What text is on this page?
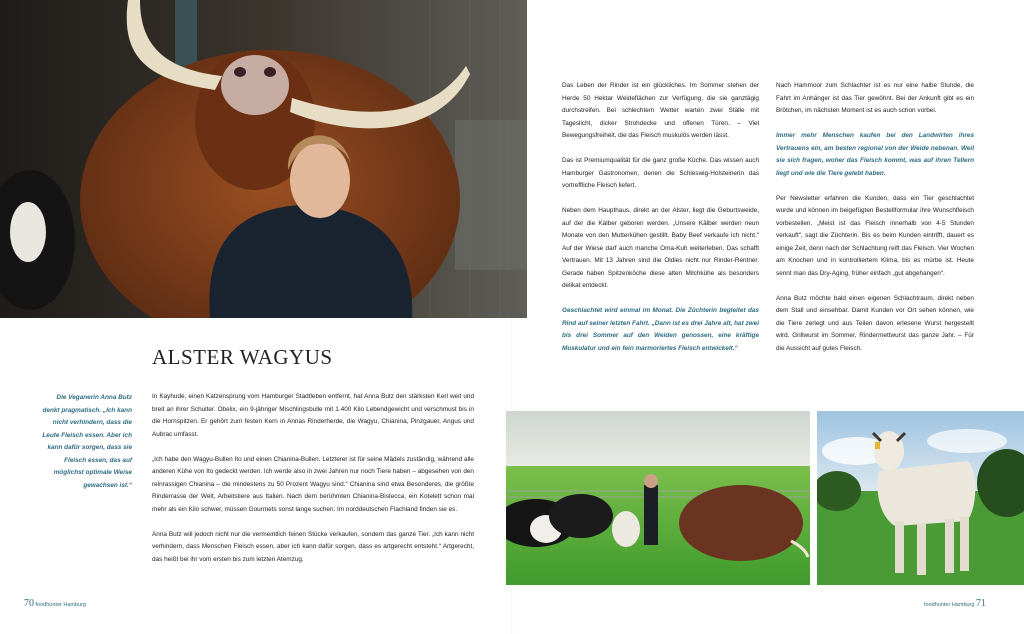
ALSTER WAGYUS
Die Veganerin Anna Butz denkt pragmatisch. „Ich kann nicht verhindern, dass die Leute Fleisch essen. Aber ich kann dafür sorgen, dass sie Fleisch essen, das auf möglichst optimale Weise gewachsen ist.“

In Kayhude, einen Katzensprung vom Hamburger Stadtleben entfernt, hat Anna Butz den stärksten Kerl weit und breit an ihrer Schulter. Obelix, ein 9-jähriger Mischlingsbulle mit 1.400 Kilo Lebendgewicht und verschmust bis in die Hornspitzen. Er gehört zum festen Kern in Annas Rinderherde, die Wagyu, Chianina, Pinzgauer, Angus und Aubrac umfasst.

„Ich habe den Wagyu-Bullen Ito und einen Chianina-Bullen. Letzterer ist für seine Mädels zuständig, während alle anderen Kühe von Ito gedeckt werden. Ich werde also in zwei Jahren nur noch Tiere haben – abgesehen von den reinrassigen Chianina – die mindestens zu 50 Prozent Wagyu sind.“ Chianina sind etwa Besonderes, die größte Rinderrasse der Welt, Arbeitstiere aus Italien. Nach dem berühmten Chianina-Bistecca, ein Kotelett schon mal mehr als ein Kilo schwer, müssen Gourmets sonst lange suchen. Im norddeutschen Flachland finden sie es.

Anna Butz will jedoch nicht nur die vermeintlich feinen Stücke verkaufen, sondern das ganze Tier. „Ich kann nicht verhindern, dass Menschen Fleisch essen, aber ich kann dafür sorgen, dass es artgerecht entsteht.“ Artgerecht, das heißt bei ihr vom ersten bis zum letzten Atemzug.

Das Leben der Rinder ist ein glückliches. Im Sommer stehen der Herde 50 Hektar Weideflächen zur Verfügung, die sie ganztägig durchstreifen. Bei schlechtem Wetter warten zwei Ställe mit Tageslicht, dicker Strohdecke und offenen Türen. – Viel Bewegungsfreiheit, die das Fleisch muskulös werden lässt.

Das ist Premiumqualität für die ganz große Küche. Das wissen auch Hamburger Gastronomen, denen die Schleswig-Holsteinerin das vortreffliche Fleisch liefert.

Neben dem Haupthaus, direkt an der Alster, liegt die Geburtsweide, auf der die Kälber geboren werden. „Unsere Kälber werden neun Monate von den Mutterkühen gestillt. Baby Beef verkaufe ich nicht.“ Auf der Wiese darf auch manche Oma-Kuh weiterleben. Das schafft Vertrauen. Mit 13 Jahren sind die Oldies nicht nur Rinder-Rentner. Gerade haben Spitzenköche diese alten Milchkühe als besonders delikat entdeckt.

Geschlachtet wird einmal im Monat. Die Züchterin begleitet das Rind auf seiner letzten Fahrt. „Dann ist es drei Jahre alt, hat zwei bis drei Sommer auf den Weiden genossen, eine kräftige Muskulatur und ein fein marmoriertes Fleisch entwickelt.“

Nach Hammoor zum Schlachter ist es nur eine halbe Stunde, die Fahrt im Anhänger ist das Tier gewöhnt. Bei der Ankunft gibt es ein Brötchen, im nächsten Moment ist es auch schon vorbei.

Immer mehr Menschen kaufen bei den Landwirten ihres Vertrauens ein, am besten regional von der Weide nebenan. Weil sie sich fragen, woher das Fleisch kommt, was auf ihren Tellern liegt und wie die Tiere gelebt haben.

Per Newsletter erfahren die Kunden, dass ein Tier geschlachtet wurde und können im beigefügten Bestellformular ihre Wunschfleisch vorbestellen. „Meist ist das Fleisch innerhalb von 4-5 Stunden verkauft“, sagt die Züchterin. Bis es beim Kunden eintrifft, dauert es einige Zeit, denn nach der Schlachtung reift das Fleisch. Vier Wochen am Knochen und in kontrolliertem Klima, bis es mürbe ist. Heute sennt man das Dry-Aging, früher einfach „gut abgehangen“.

Anna Butz möchte bald einen eigenen Schlachtraum, direkt neben dem Stall und einsehbar. Damit Kunden vor Ort sehen können, wie die Tiere zerlegt und aus Teilen davon erlesene Wurst hergestellt wird. Grillwurst im Sommer, Rindermettwurst das ganze Jahr. – Für die Aussicht auf gutes Fleisch.

70 foodhunter Hamburg	foodhunter Hamburg 71
